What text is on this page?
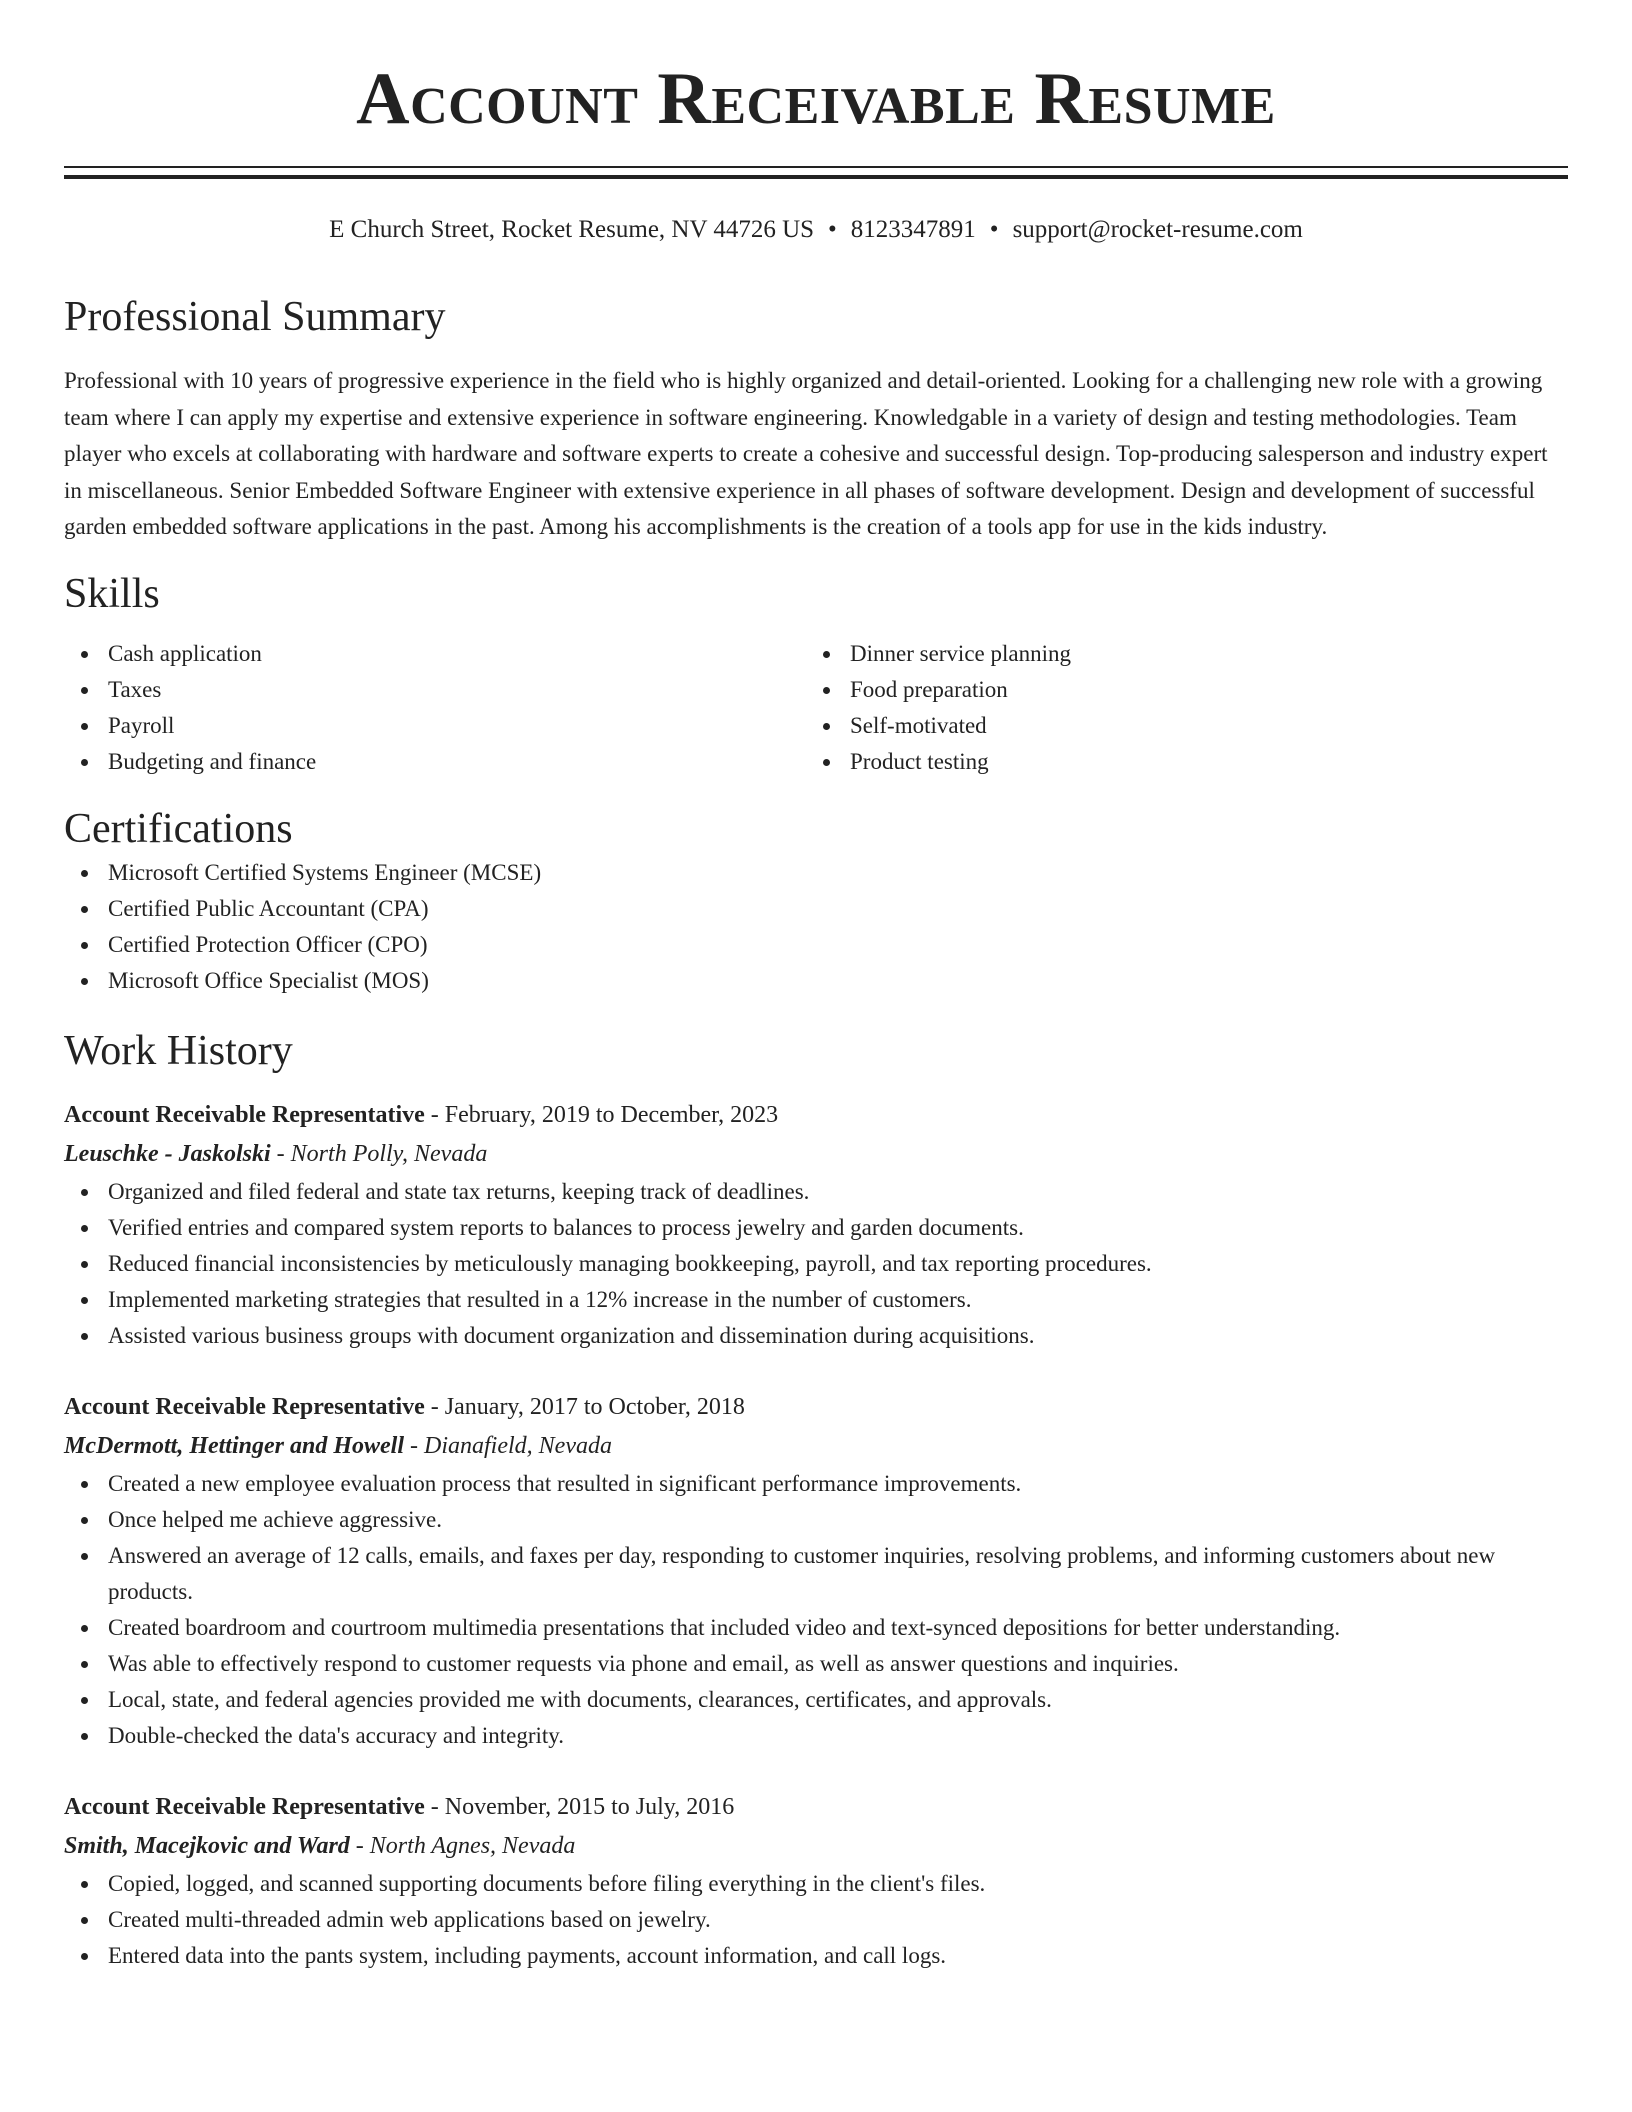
Account Receivable Resume
E Church Street, Rocket Resume, NV 44726 US • 8123347891 • support@rocket-resume.com
Professional Summary

Professional with 10 years of progressive experience in the field who is highly organized and detail-oriented. Looking for a challenging new role with a growing team where I can apply my expertise and extensive experience in software engineering. Knowledgable in a variety of design and testing methodologies. Team player who excels at collaborating with hardware and software experts to create a cohesive and successful design. Top-producing salesperson and industry expert in miscellaneous. Senior Embedded Software Engineer with extensive experience in all phases of software development. Design and development of successful garden embedded software applications in the past. Among his accomplishments is the creation of a tools app for use in the kids industry.

Skills
Cash application
Taxes
Payroll
Budgeting and finance
Dinner service planning
Food preparation
Self-motivated
Product testing
Certifications
Microsoft Certified Systems Engineer (MCSE)
Certified Public Accountant (CPA)
Certified Protection Officer (CPO)
Microsoft Office Specialist (MOS)
Work History
Account Receivable Representative - February, 2019 to December, 2023
Leuschke - Jaskolski - North Polly, Nevada
Organized and filed federal and state tax returns, keeping track of deadlines.
Verified entries and compared system reports to balances to process jewelry and garden documents.
Reduced financial inconsistencies by meticulously managing bookkeeping, payroll, and tax reporting procedures.
Implemented marketing strategies that resulted in a 12% increase in the number of customers.
Assisted various business groups with document organization and dissemination during acquisitions.
Account Receivable Representative - January, 2017 to October, 2018
McDermott, Hettinger and Howell - Dianafield, Nevada
Created a new employee evaluation process that resulted in significant performance improvements.
Once helped me achieve aggressive.
Answered an average of 12 calls, emails, and faxes per day, responding to customer inquiries, resolving problems, and informing customers about new products.
Created boardroom and courtroom multimedia presentations that included video and text-synced depositions for better understanding.
Was able to effectively respond to customer requests via phone and email, as well as answer questions and inquiries.
Local, state, and federal agencies provided me with documents, clearances, certificates, and approvals.
Double-checked the data's accuracy and integrity.
Account Receivable Representative - November, 2015 to July, 2016
Smith, Macejkovic and Ward - North Agnes, Nevada
Copied, logged, and scanned supporting documents before filing everything in the client's files.
Created multi-threaded admin web applications based on jewelry.
Entered data into the pants system, including payments, account information, and call logs.
